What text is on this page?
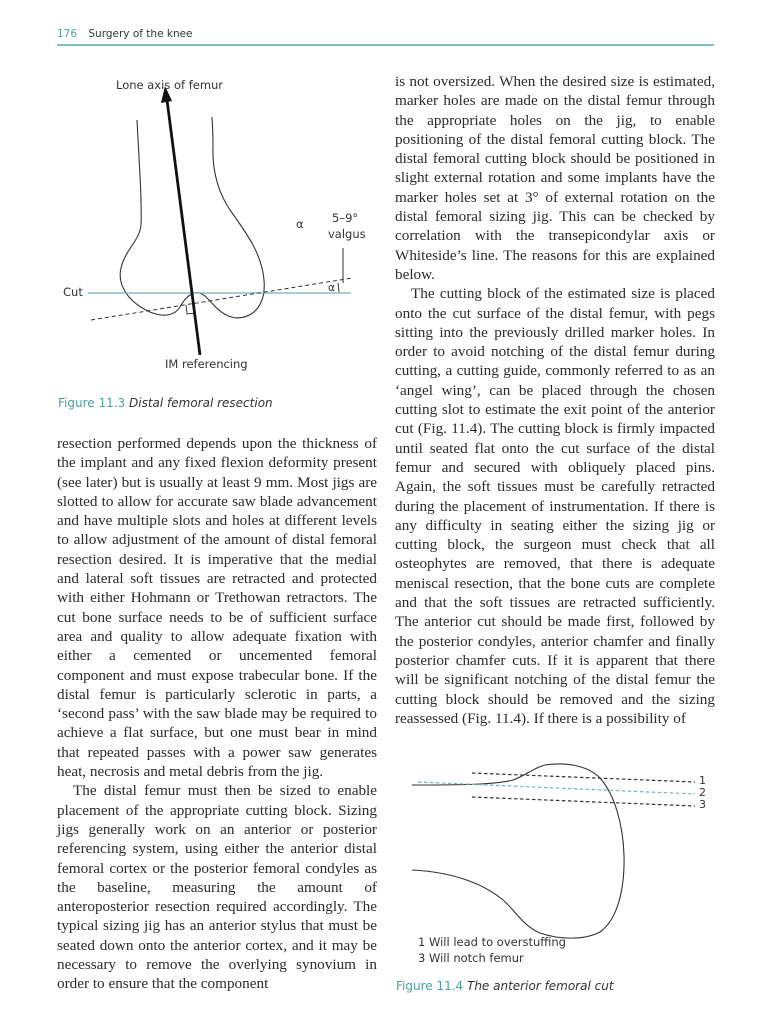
176 Surgery of the knee
Lone axis of femur
α 5–9°
valgus
Cut	α
IM referencing
Figure 11.3 Distal femoral resection

resection performed depends upon the thickness of the implant and any fixed flexion deformity present (see later) but is usually at least 9 mm. Most jigs are slotted to allow for accurate saw blade advancement and have multiple slots and holes at different levels to allow adjustment of the amount of distal femoral resection desired. It is imperative that the medial and lateral soft tissues are retracted and protected with either Hohmann or Trethowan retractors. The cut bone surface needs to be of sufficient surface area and quality to allow adequate fixation with either a cemented or uncemented femoral component and must expose trabecular bone. If the distal femur is particularly sclerotic in parts, a ‘second pass’ with the saw blade may be required to achieve a flat surface, but one must bear in mind that repeated passes with a power saw generates heat, necrosis and metal debris from the jig.

The distal femur must then be sized to enable placement of the appropriate cutting block. Sizing jigs generally work on an anterior or posterior referencing system, using either the anterior distal femoral cortex or the posterior femoral condyles as the baseline, measuring the amount of anteroposterior resection required accordingly. The typical sizing jig has an anterior stylus that must be seated down onto the anterior cortex, and it may be necessary to remove the overlying synovium in order to ensure that the component

is not oversized. When the desired size is estimated, marker holes are made on the distal femur through the appropriate holes on the jig, to enable positioning of the distal femoral cutting block. The distal femoral cutting block should be positioned in slight external rotation and some implants have the marker holes set at 3° of external rotation on the distal femoral sizing jig. This can be checked by correlation with the transepicondylar axis or Whiteside’s line. The reasons for this are explained below.

The cutting block of the estimated size is placed onto the cut surface of the distal femur, with pegs sitting into the previously drilled marker holes. In order to avoid notching of the distal femur during cutting, a cutting guide, commonly referred to as an ‘angel wing’, can be placed through the chosen cutting slot to estimate the exit point of the anterior cut (Fig. 11.4). The cutting block is firmly impacted until seated flat onto the cut surface of the distal femur and secured with obliquely placed pins. Again, the soft tissues must be carefully retracted during the placement of instrumentation. If there is any difficulty in seating either the sizing jig or cutting block, the surgeon must check that all osteophytes are removed, that there is adequate meniscal resection, that the bone cuts are complete and that the soft tissues are retracted sufficiently. The anterior cut should be made first, followed by the posterior condyles, anterior chamfer and finally posterior chamfer cuts. If it is apparent that there will be significant notching of the distal femur the cutting block should be removed and the sizing reassessed (Fig. 11.4). If there is a possibility of

1
2
3
1 Will lead to overstuffing
3 Will notch femur
Figure 11.4 The anterior femoral cut
